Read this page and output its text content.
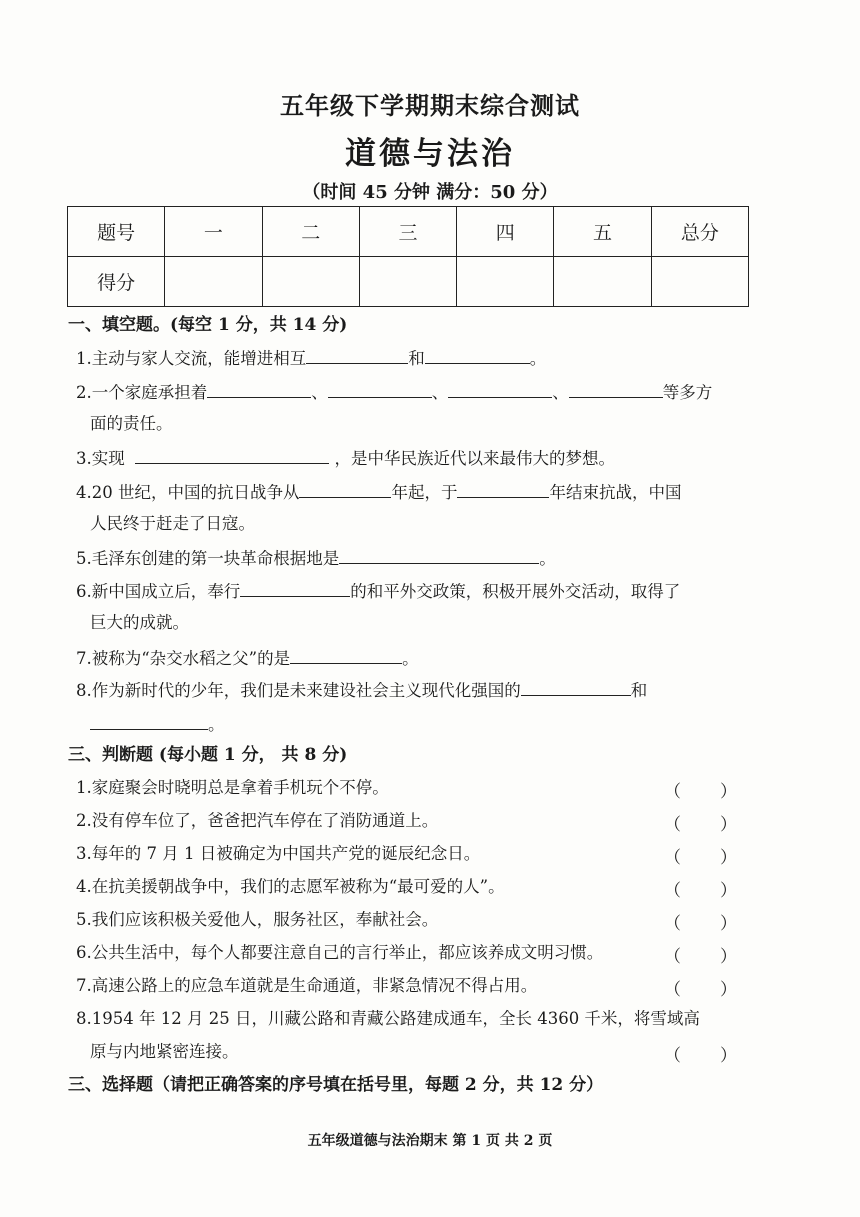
五年级下学期期末综合测试
道德与法治
（时间 45 分钟 满分：50 分）
题号	一	二	三	四	五	总分
得分						
一、填空题。(每空 1 分，共 14 分)
1.主动与家人交流，能增进相互	和	。
2.一个家庭承担着	、	、	、	等多方
面的责任。
3.实现	，是中华民族近代以来最伟大的梦想。
4.20 世纪，中国的抗日战争从	年起，于	年结束抗战，中国
人民终于赶走了日寇。
5.毛泽东创建的第一块革命根据地是	。
6.新中国成立后，奉行	的和平外交政策，积极开展外交活动，取得了
巨大的成就。
7.被称为“杂交水稻之父”的是	。
8.作为新时代的少年，我们是未来建设社会主义现代化强国的	和
。
三、判断题 (每小题 1 分， 共 8 分)
1.家庭聚会时晓明总是拿着手机玩个不停。	（ ）
2.没有停车位了，爸爸把汽车停在了消防通道上。	（ ）
3.每年的 7 月 1 日被确定为中国共产党的诞辰纪念日。	（ ）
4.在抗美援朝战争中，我们的志愿军被称为“最可爱的人”。	（ ）
5.我们应该积极关爱他人，服务社区，奉献社会。	（ ）
6.公共生活中，每个人都要注意自己的言行举止，都应该养成文明习惯。	（ ）
7.高速公路上的应急车道就是生命通道，非紧急情况不得占用。	（ ）
8.1954 年 12 月 25 日，川藏公路和青藏公路建成通车，全长 4360 千米，将雪域高
原与内地紧密连接。	（ ）
三、选择题（请把正确答案的序号填在括号里，每题 2 分，共 12 分）
五年级道德与法治期末 第 1 页 共 2 页
